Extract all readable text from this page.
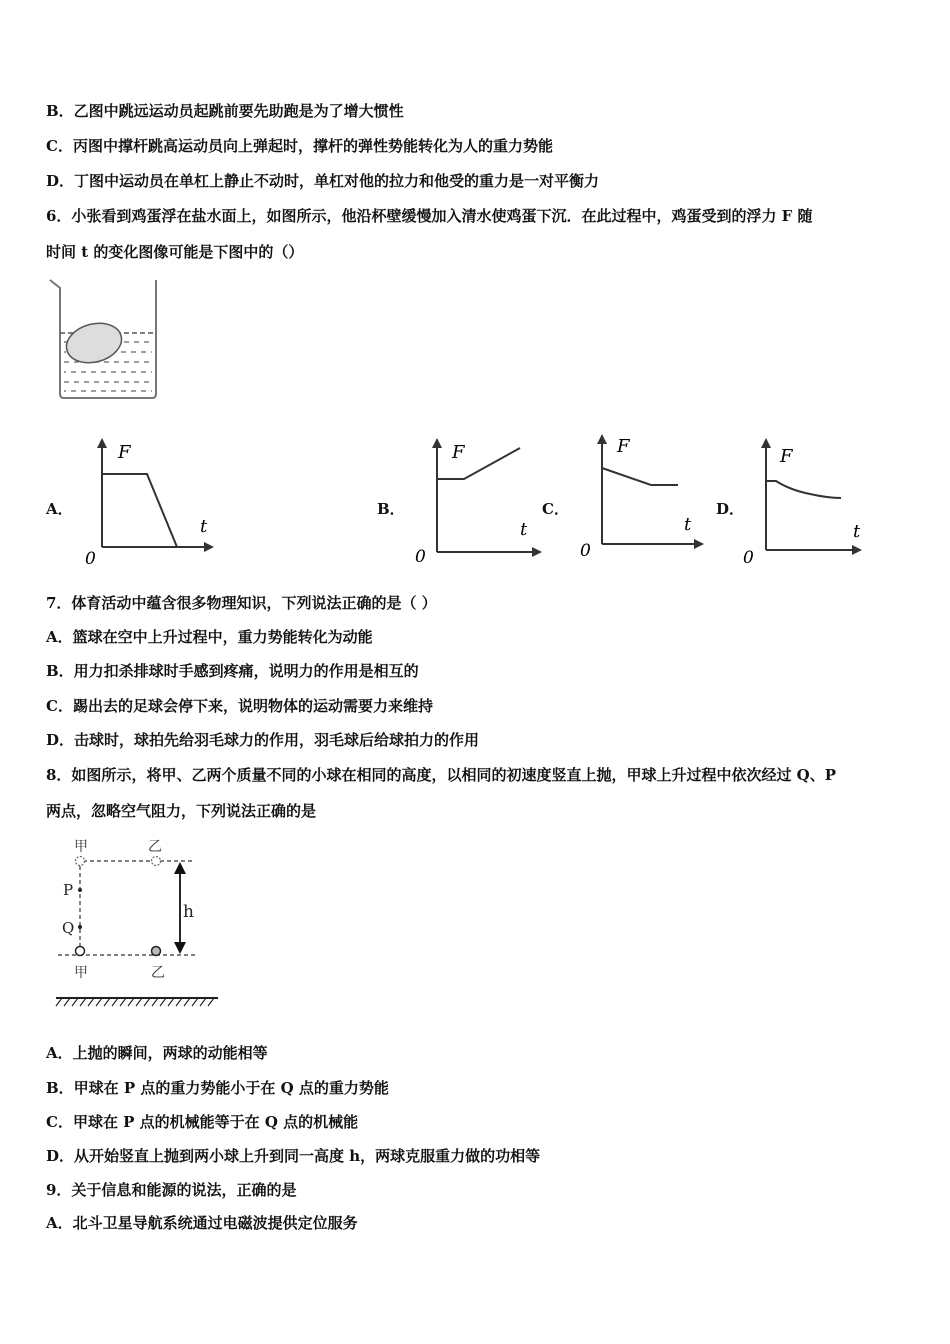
B．乙图中跳远运动员起跳前要先助跑是为了增大惯性
C．丙图中撑杆跳高运动员向上弹起时，撑杆的弹性势能转化为人的重力势能
D．丁图中运动员在单杠上静止不动时，单杠对他的拉力和他受的重力是一对平衡力
6．小张看到鸡蛋浮在盐水面上，如图所示，他沿杯壁缓慢加入清水使鸡蛋下沉．在此过程中，鸡蛋受到的浮力 F 随
时间 t 的变化图像可能是下图中的（）
A．
F
t
0
B．
F
t
0
C．
F
t
0
D．
F
t
0
7．体育活动中蕴含很多物理知识，下列说法正确的是（ ）
A．篮球在空中上升过程中，重力势能转化为动能
B．用力扣杀排球时手感到疼痛，说明力的作用是相互的
C．踢出去的足球会停下来，说明物体的运动需要力来维持
D．击球时，球拍先给羽毛球力的作用，羽毛球后给球拍力的作用
8．如图所示，将甲、乙两个质量不同的小球在相同的高度，以相同的初速度竖直上抛，甲球上升过程中依次经过 Q、P
两点，忽略空气阻力，下列说法正确的是
甲	乙
P
Q
h
甲	乙
A．上抛的瞬间，两球的动能相等
B．甲球在 P 点的重力势能小于在 Q 点的重力势能
C．甲球在 P 点的机械能等于在 Q 点的机械能
D．从开始竖直上抛到两小球上升到同一高度 h，两球克服重力做的功相等
9．关于信息和能源的说法，正确的是
A．北斗卫星导航系统通过电磁波提供定位服务
